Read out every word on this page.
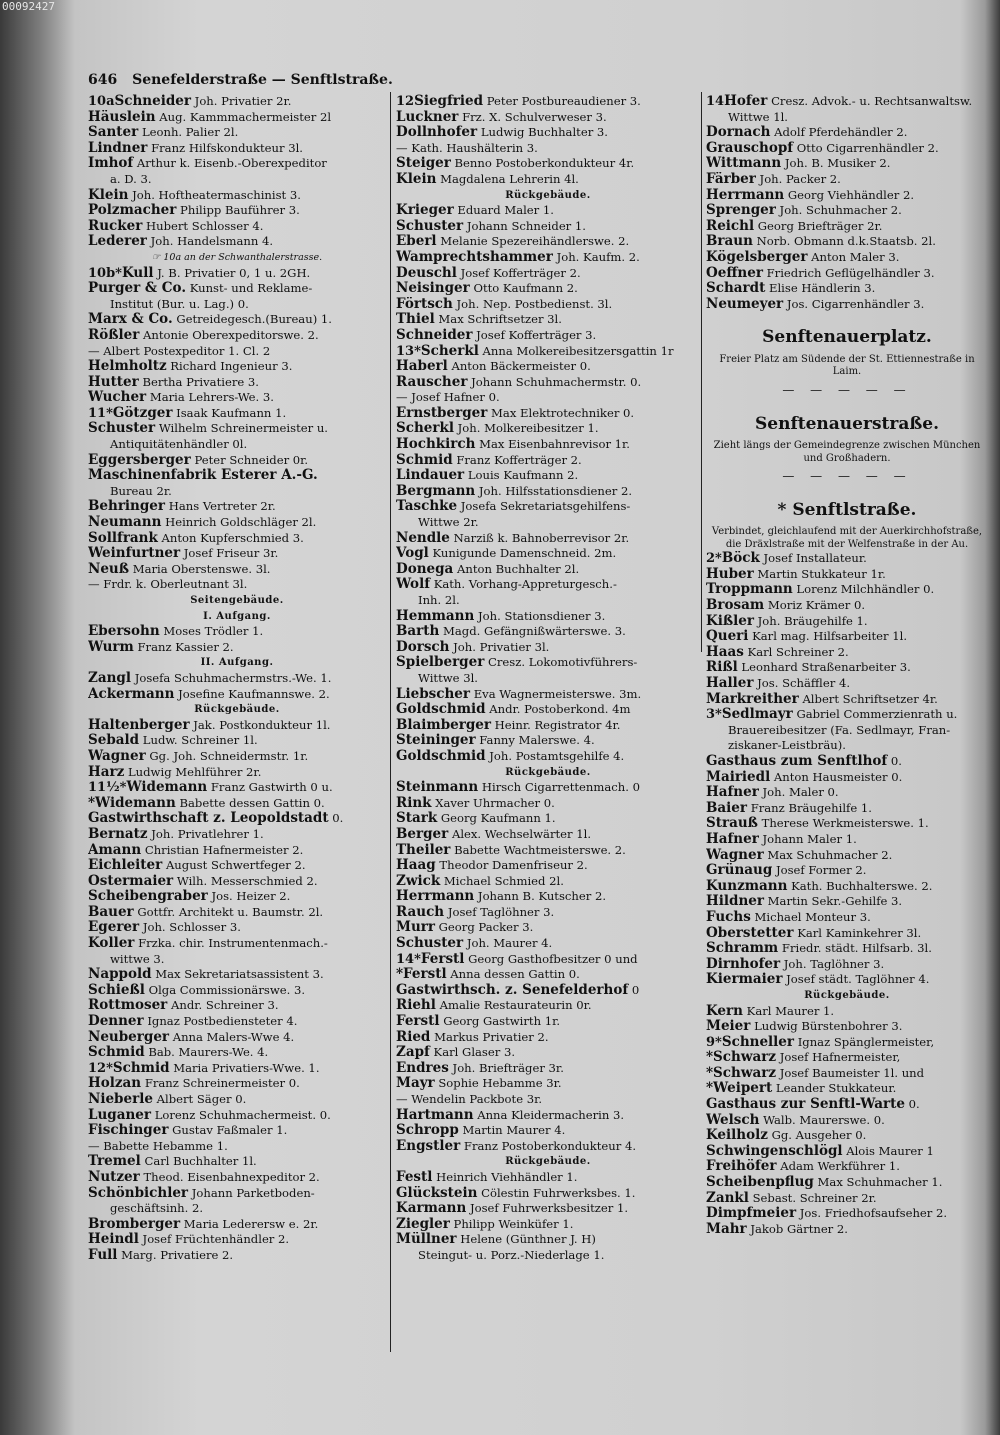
00092427
646 Senefelderstraße — Senftlstraße.
10aSchneider Joh. Privatier 2r.
Häuslein Aug. Kammmachermeister 2l
Santer Leonh. Palier 2l.
Lindner Franz Hilfskondukteur 3l.
Imhof Arthur k. Eisenb.-Oberexpeditor
a. D. 3.
Klein Joh. Hoftheatermaschinist 3.
Polzmacher Philipp Bauführer 3.
Rucker Hubert Schlosser 4.
Lederer Joh. Handelsmann 4.
☞ 10a an der Schwanthalerstrasse.
10b*Kull J. B. Privatier 0, 1 u. 2GH.
Purger & Co. Kunst- und Reklame-
Institut (Bur. u. Lag.) 0.
Marx & Co. Getreidegesch.(Bureau) 1.
Rößler Antonie Oberexpeditorswe. 2.
— Albert Postexpeditor 1. Cl. 2
Helmholtz Richard Ingenieur 3.
Hutter Bertha Privatiere 3.
Wucher Maria Lehrers-We. 3.
11*Götzger Isaak Kaufmann 1.
Schuster Wilhelm Schreinermeister u.
Antiquitätenhändler 0l.
Eggersberger Peter Schneider 0r.
Maschinenfabrik Esterer A.-G.
Bureau 2r.
Behringer Hans Vertreter 2r.
Neumann Heinrich Goldschläger 2l.
Sollfrank Anton Kupferschmied 3.
Weinfurtner Josef Friseur 3r.
Neuß Maria Oberstenswe. 3l.
— Frdr. k. Oberleutnant 3l.
Seitengebäude.
I. Aufgang.
Ebersohn Moses Trödler 1.
Wurm Franz Kassier 2.
II. Aufgang.
Zangl Josefa Schuhmachermstrs.-We. 1.
Ackermann Josefine Kaufmannswe. 2.
Rückgebäude.
Haltenberger Jak. Postkondukteur 1l.
Sebald Ludw. Schreiner 1l.
Wagner Gg. Joh. Schneidermstr. 1r.
Harz Ludwig Mehlführer 2r.
11½*Widemann Franz Gastwirth 0 u.
*Widemann Babette dessen Gattin 0.
Gastwirthschaft z. Leopoldstadt 0.
Bernatz Joh. Privatlehrer 1.
Amann Christian Hafnermeister 2.
Eichleiter August Schwertfeger 2.
Ostermaier Wilh. Messerschmied 2.
Scheibengraber Jos. Heizer 2.
Bauer Gottfr. Architekt u. Baumstr. 2l.
Egerer Joh. Schlosser 3.
Koller Frzka. chir. Instrumentenmach.-
wittwe 3.
Nappold Max Sekretariatsassistent 3.
Schießl Olga Commissionärswe. 3.
Rottmoser Andr. Schreiner 3.
Denner Ignaz Postbediensteter 4.
Neuberger Anna Malers-Wwe 4.
Schmid Bab. Maurers-We. 4.
12*Schmid Maria Privatiers-Wwe. 1.
Holzan Franz Schreinermeister 0.
Nieberle Albert Säger 0.
Luganer Lorenz Schuhmachermeist. 0.
Fischinger Gustav Faßmaler 1.
— Babette Hebamme 1.
Tremel Carl Buchhalter 1l.
Nutzer Theod. Eisenbahnexpeditor 2.
Schönbichler Johann Parketboden-
geschäftsinh. 2.
Bromberger Maria Lederersw e. 2r.
Heindl Josef Früchtenhändler 2.
Full Marg. Privatiere 2.
12Siegfried Peter Postbureaudiener 3.
Luckner Frz. X. Schulverweser 3.
Dollnhofer Ludwig Buchhalter 3.
— Kath. Haushälterin 3.
Steiger Benno Postoberkondukteur 4r.
Klein Magdalena Lehrerin 4l.
Rückgebäude.
Krieger Eduard Maler 1.
Schuster Johann Schneider 1.
Eberl Melanie Spezereihändlerswe. 2.
Wamprechtshammer Joh. Kaufm. 2.
Deuschl Josef Kofferträger 2.
Neisinger Otto Kaufmann 2.
Förtsch Joh. Nep. Postbedienst. 3l.
Thiel Max Schriftsetzer 3l.
Schneider Josef Kofferträger 3.
13*Scherkl Anna Molkereibesitzersgattin 1r
Haberl Anton Bäckermeister 0.
Rauscher Johann Schuhmachermstr. 0.
— Josef Hafner 0.
Ernstberger Max Elektrotechniker 0.
Scherkl Joh. Molkereibesitzer 1.
Hochkirch Max Eisenbahnrevisor 1r.
Schmid Franz Kofferträger 2.
Lindauer Louis Kaufmann 2.
Bergmann Joh. Hilfsstationsdiener 2.
Taschke Josefa Sekretariatsgehilfens-
Wittwe 2r.
Nendle Narziß k. Bahnoberrevisor 2r.
Vogl Kunigunde Damenschneid. 2m.
Donega Anton Buchhalter 2l.
Wolf Kath. Vorhang-Appreturgesch.-
Inh. 2l.
Hemmann Joh. Stationsdiener 3.
Barth Magd. Gefängnißwärterswe. 3.
Dorsch Joh. Privatier 3l.
Spielberger Cresz. Lokomotivführers-
Wittwe 3l.
Liebscher Eva Wagnermeisterswe. 3m.
Goldschmid Andr. Postoberkond. 4m
Blaimberger Heinr. Registrator 4r.
Steininger Fanny Malerswe. 4.
Goldschmid Joh. Postamtsgehilfe 4.
Rückgebäude.
Steinmann Hirsch Cigarrettenmach. 0
Rink Xaver Uhrmacher 0.
Stark Georg Kaufmann 1.
Berger Alex. Wechselwärter 1l.
Theiler Babette Wachtmeisterswe. 2.
Haag Theodor Damenfriseur 2.
Zwick Michael Schmied 2l.
Herrmann Johann B. Kutscher 2.
Rauch Josef Taglöhner 3.
Murr Georg Packer 3.
Schuster Joh. Maurer 4.
14*Ferstl Georg Gasthofbesitzer 0 und
*Ferstl Anna dessen Gattin 0.
Gastwirthsch. z. Senefelderhof 0
Riehl Amalie Restaurateurin 0r.
Ferstl Georg Gastwirth 1r.
Ried Markus Privatier 2.
Zapf Karl Glaser 3.
Endres Joh. Briefträger 3r.
Mayr Sophie Hebamme 3r.
— Wendelin Packbote 3r.
Hartmann Anna Kleidermacherin 3.
Schropp Martin Maurer 4.
Engstler Franz Postoberkondukteur 4.
Rückgebäude.
Festl Heinrich Viehhändler 1.
Glückstein Cölestin Fuhrwerksbes. 1.
Karmann Josef Fuhrwerksbesitzer 1.
Ziegler Philipp Weinküfer 1.
Müllner Helene (Günthner J. H)
Steingut- u. Porz.-Niederlage 1.
14Hofer Cresz. Advok.- u. Rechtsanwaltsw.
Wittwe 1l.
Dornach Adolf Pferdehändler 2.
Grauschopf Otto Cigarrenhändler 2.
Wittmann Joh. B. Musiker 2.
Färber Joh. Packer 2.
Herrmann Georg Viehhändler 2.
Sprenger Joh. Schuhmacher 2.
Reichl Georg Briefträger 2r.
Braun Norb. Obmann d.k.Staatsb. 2l.
Kögelsberger Anton Maler 3.
Oeffner Friedrich Geflügelhändler 3.
Schardt Elise Händlerin 3.
Neumeyer Jos. Cigarrenhändler 3.
Senftenauerplatz.
Freier Platz am Südende der St. Ettiennestraße in Laim.
— — — — —
Senftenauerstraße.
Zieht längs der Gemeindegrenze zwischen München und Großhadern.
— — — — —
* Senftlstraße.
Verbindet, gleichlaufend mit der Auerkirchhofstraße, die Dräxlstraße mit der Welfenstraße in der Au.
2*Böck Josef Installateur.
Huber Martin Stukkateur 1r.
Troppmann Lorenz Milchhändler 0.
Brosam Moriz Krämer 0.
Kißler Joh. Bräugehilfe 1.
Queri Karl mag. Hilfsarbeiter 1l.
Haas Karl Schreiner 2.
Rißl Leonhard Straßenarbeiter 3.
Haller Jos. Schäffler 4.
Markreither Albert Schriftsetzer 4r.
3*Sedlmayr Gabriel Commerzienrath u.
Brauereibesitzer (Fa. Sedlmayr, Fran-
ziskaner-Leistbräu).
Gasthaus zum Senftlhof 0.
Mairiedl Anton Hausmeister 0.
Hafner Joh. Maler 0.
Baier Franz Bräugehilfe 1.
Strauß Therese Werkmeisterswe. 1.
Hafner Johann Maler 1.
Wagner Max Schuhmacher 2.
Grünaug Josef Former 2.
Kunzmann Kath. Buchhalterswe. 2.
Hildner Martin Sekr.-Gehilfe 3.
Fuchs Michael Monteur 3.
Oberstetter Karl Kaminkehrer 3l.
Schramm Friedr. städt. Hilfsarb. 3l.
Dirnhofer Joh. Taglöhner 3.
Kiermaier Josef städt. Taglöhner 4.
Rückgebäude.
Kern Karl Maurer 1.
Meier Ludwig Bürstenbohrer 3.
9*Schneller Ignaz Spänglermeister,
*Schwarz Josef Hafnermeister,
*Schwarz Josef Baumeister 1l. und
*Weipert Leander Stukkateur.
Gasthaus zur Senftl-Warte 0.
Welsch Walb. Maurerswe. 0.
Keilholz Gg. Ausgeher 0.
Schwingenschlögl Alois Maurer 1
Freihöfer Adam Werkführer 1.
Scheibenpflug Max Schuhmacher 1.
Zankl Sebast. Schreiner 2r.
Dimpfmeier Jos. Friedhofsaufseher 2.
Mahr Jakob Gärtner 2.
